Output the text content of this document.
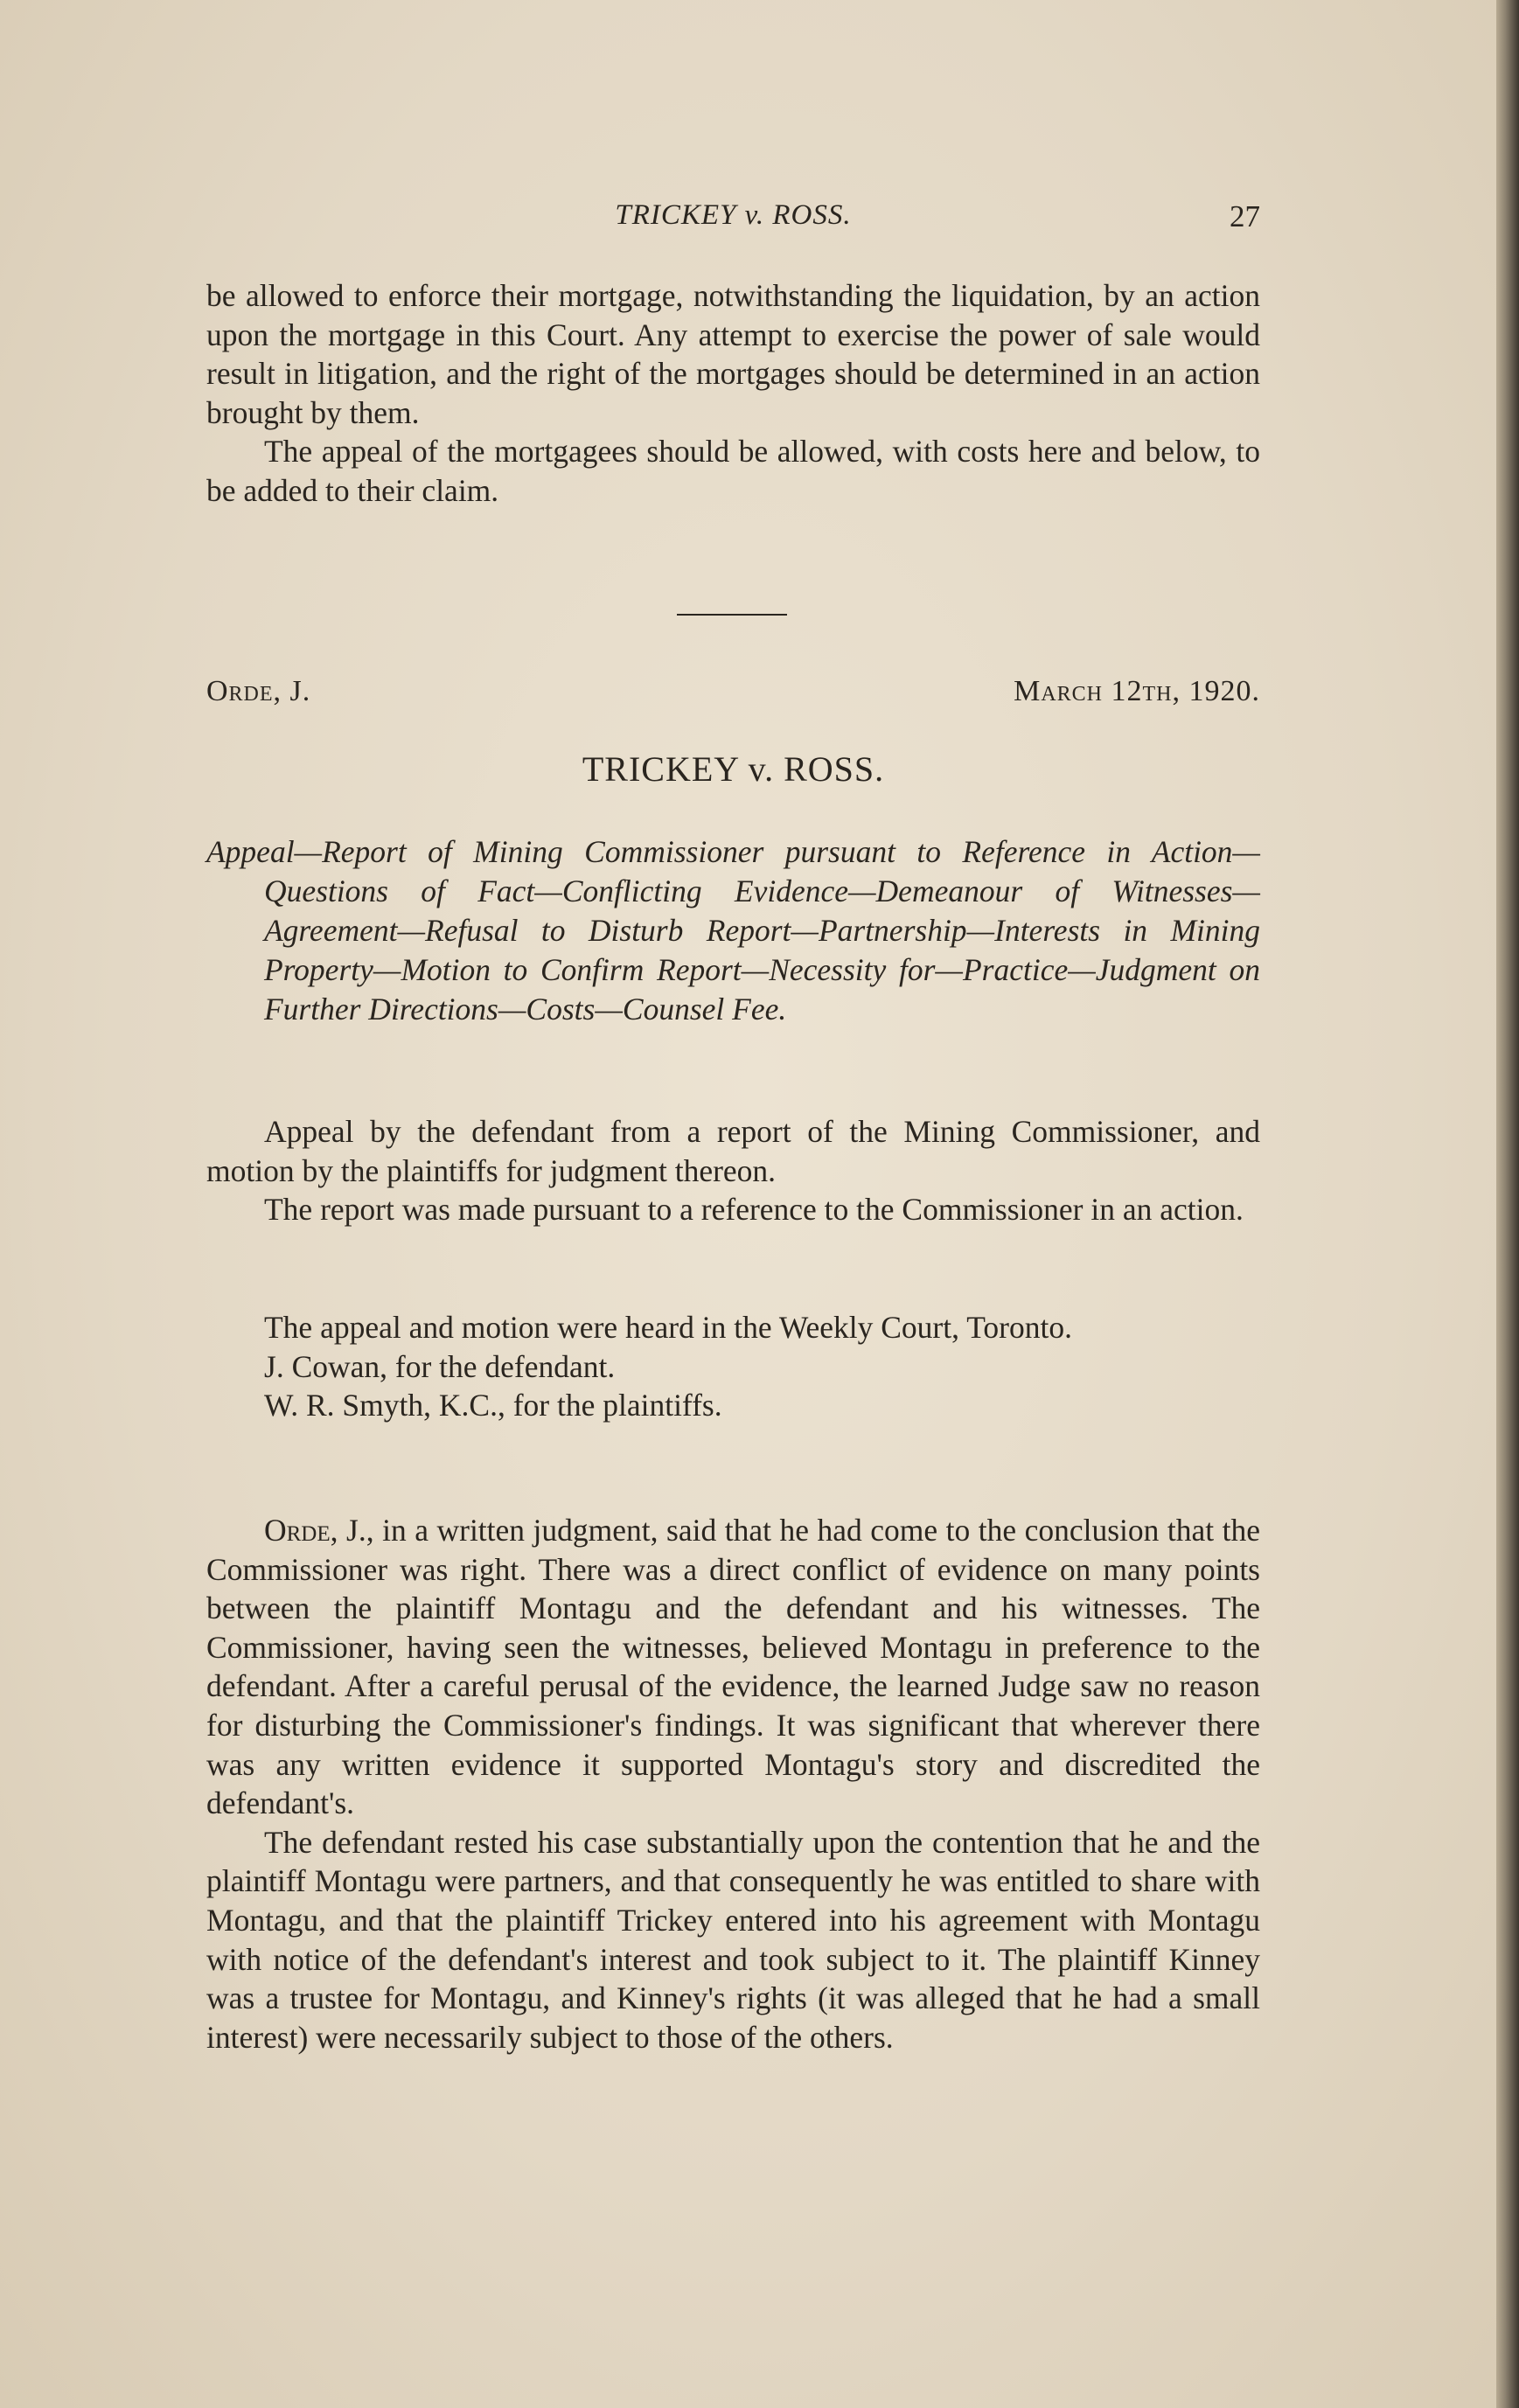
TRICKEY v. ROSS.	27

be allowed to enforce their mortgage, notwithstanding the liquidation, by an action upon the mortgage in this Court. Any attempt to exercise the power of sale would result in litigation, and the right of the mortgages should be determined in an action brought by them.

The appeal of the mortgagees should be allowed, with costs here and below, to be added to their claim.

Orde, J.	March 12th, 1920.
TRICKEY v. ROSS.
Appeal—Report of Mining Commissioner pursuant to Reference in Action—Questions of Fact—Conflicting Evidence—Demeanour of Witnesses—Agreement—Refusal to Disturb Report—Partnership—Interests in Mining Property—Motion to Confirm Report—Necessity for—Practice—Judgment on Further Directions—Costs—Counsel Fee.

Appeal by the defendant from a report of the Mining Commissioner, and motion by the plaintiffs for judgment thereon.

The report was made pursuant to a reference to the Commissioner in an action.

The appeal and motion were heard in the Weekly Court, Toronto.

J. Cowan, for the defendant.

W. R. Smyth, K.C., for the plaintiffs.

Orde, J., in a written judgment, said that he had come to the conclusion that the Commissioner was right. There was a direct conflict of evidence on many points between the plaintiff Montagu and the defendant and his witnesses. The Commissioner, having seen the witnesses, believed Montagu in preference to the defendant. After a careful perusal of the evidence, the learned Judge saw no reason for disturbing the Commissioner's findings. It was significant that wherever there was any written evidence it supported Montagu's story and discredited the defendant's.

The defendant rested his case substantially upon the contention that he and the plaintiff Montagu were partners, and that consequently he was entitled to share with Montagu, and that the plaintiff Trickey entered into his agreement with Montagu with notice of the defendant's interest and took subject to it. The plaintiff Kinney was a trustee for Montagu, and Kinney's rights (it was alleged that he had a small interest) were necessarily subject to those of the others.
